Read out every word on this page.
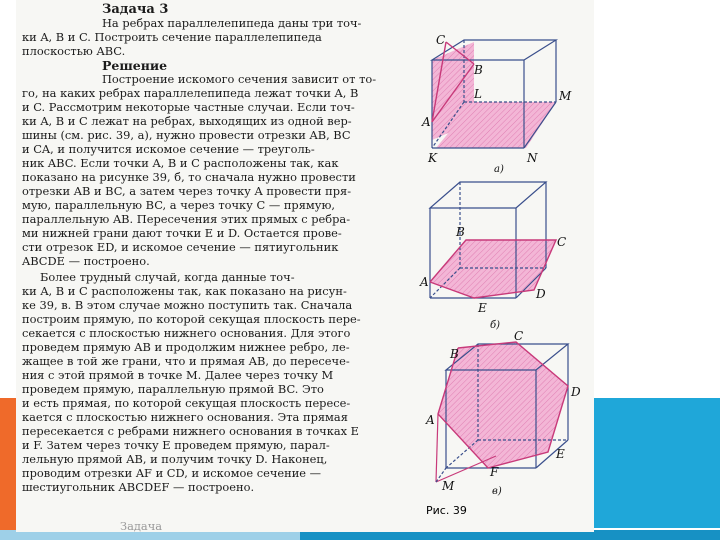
Задача 3

На ребрах параллелепипеда даны три точ-

ки A, B и C. Построить сечение параллелепипеда

плоскостью ABC.

Решение

Построение искомого сечения зависит от то-

го, на каких ребрах параллелепипеда лежат точки A, B

и C. Рассмотрим некоторые частные случаи. Если точ-

ки A, B и C лежат на ребрах, выходящих из одной вер-

шины (см. рис. 39, а), нужно провести отрезки AB, BC

и CA, и получится искомое сечение — треуголь-

ник ABC. Если точки A, B и C расположены так, как

показано на рисунке 39, б, то сначала нужно провести

отрезки AB и BC, а затем через точку A провести пря-

мую, параллельную BC, а через точку C — прямую,

параллельную AB. Пересечения этих прямых с ребра-

ми нижней грани дают точки E и D. Остается прове-

сти отрезок ED, и искомое сечение — пятиугольник

ABCDE — построено.

Более трудный случай, когда данные точ-

ки A, B и C расположены так, как показано на рисун-

ке 39, в. В этом случае можно поступить так. Сначала

построим прямую, по которой секущая плоскость пере-

секается с плоскостью нижнего основания. Для этого

проведем прямую AB и продолжим нижнее ребро, ле-

жащее в той же грани, что и прямая AB, до пересече-

ния с этой прямой в точке M. Далее через точку M

проведем прямую, параллельную прямой BC. Это

и есть прямая, по которой секущая плоскость пересе-

кается с плоскостью нижнего основания. Эта прямая

пересекается с ребрами нижнего основания в точках E

и F. Затем через точку E проведем прямую, парал-

лельную прямой AB, и получим точку D. Наконец,

проводим отрезки AF и CD, и искомое сечение —

шестиугольник ABCDEF — построено.

Задача

C
B
L	M
A
K	N
а)
B
C
A
E
D
б)
B
C
D
A
E
F
M	в)
Рис. 39
